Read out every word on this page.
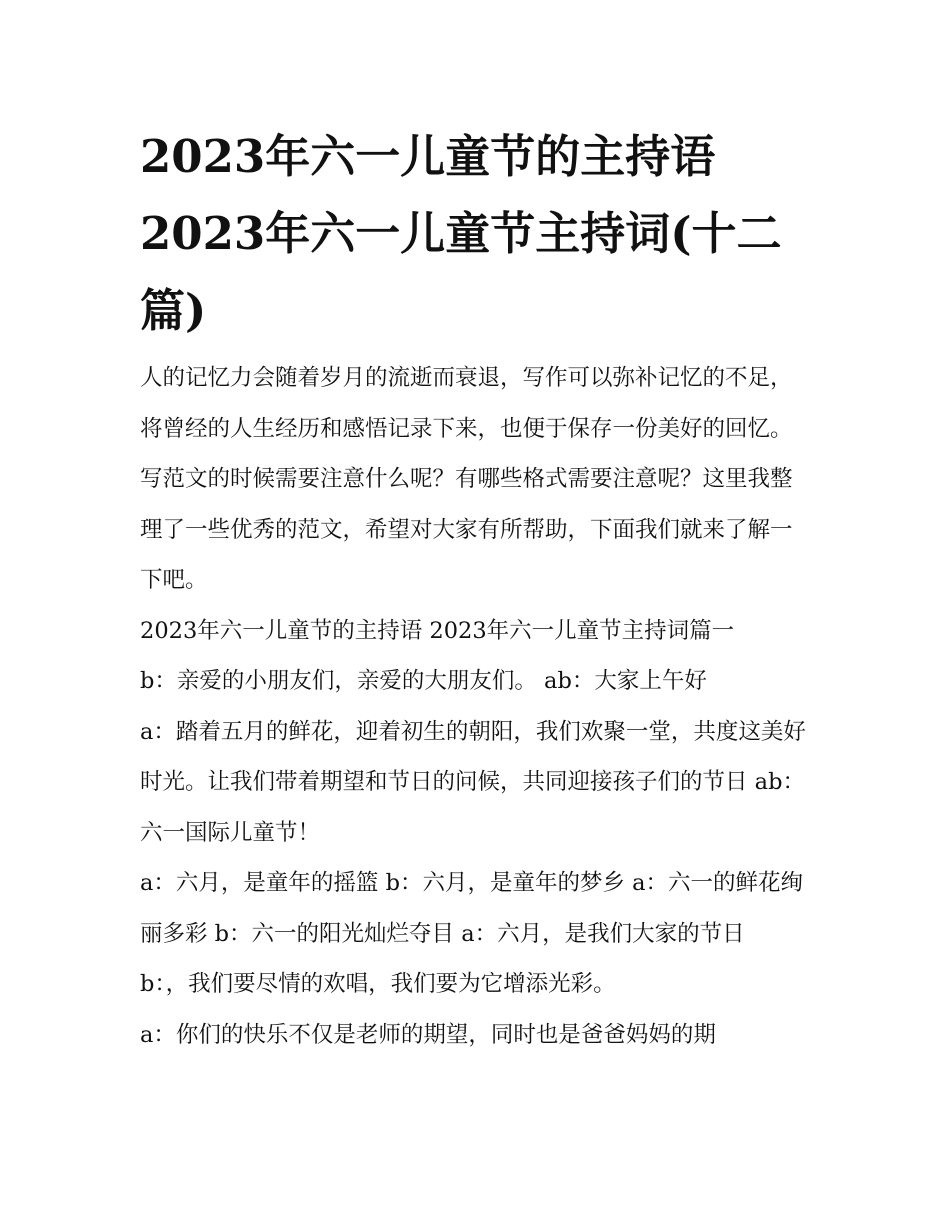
2023年六一儿童节的主持语 2023年六一儿童节主持词(十二篇)

人的记忆力会随着岁月的流逝而衰退，写作可以弥补记忆的不足，将曾经的人生经历和感悟记录下来，也便于保存一份美好的回忆。写范文的时候需要注意什么呢？有哪些格式需要注意呢？这里我整理了一些优秀的范文，希望对大家有所帮助，下面我们就来了解一下吧。

2023年六一儿童节的主持语 2023年六一儿童节主持词篇一

b：亲爱的小朋友们，亲爱的大朋友们。 ab：大家上午好

a：踏着五月的鲜花，迎着初生的朝阳，我们欢聚一堂，共度这美好时光。让我们带着期望和节日的问候，共同迎接孩子们的节日 ab：六一国际儿童节！

a：六月，是童年的摇篮 b：六月，是童年的梦乡 a：六一的鲜花绚丽多彩 b：六一的阳光灿烂夺目 a：六月，是我们大家的节日

b：，我们要尽情的欢唱，我们要为它增添光彩。

a：你们的快乐不仅是老师的期望，同时也是爸爸妈妈的期
